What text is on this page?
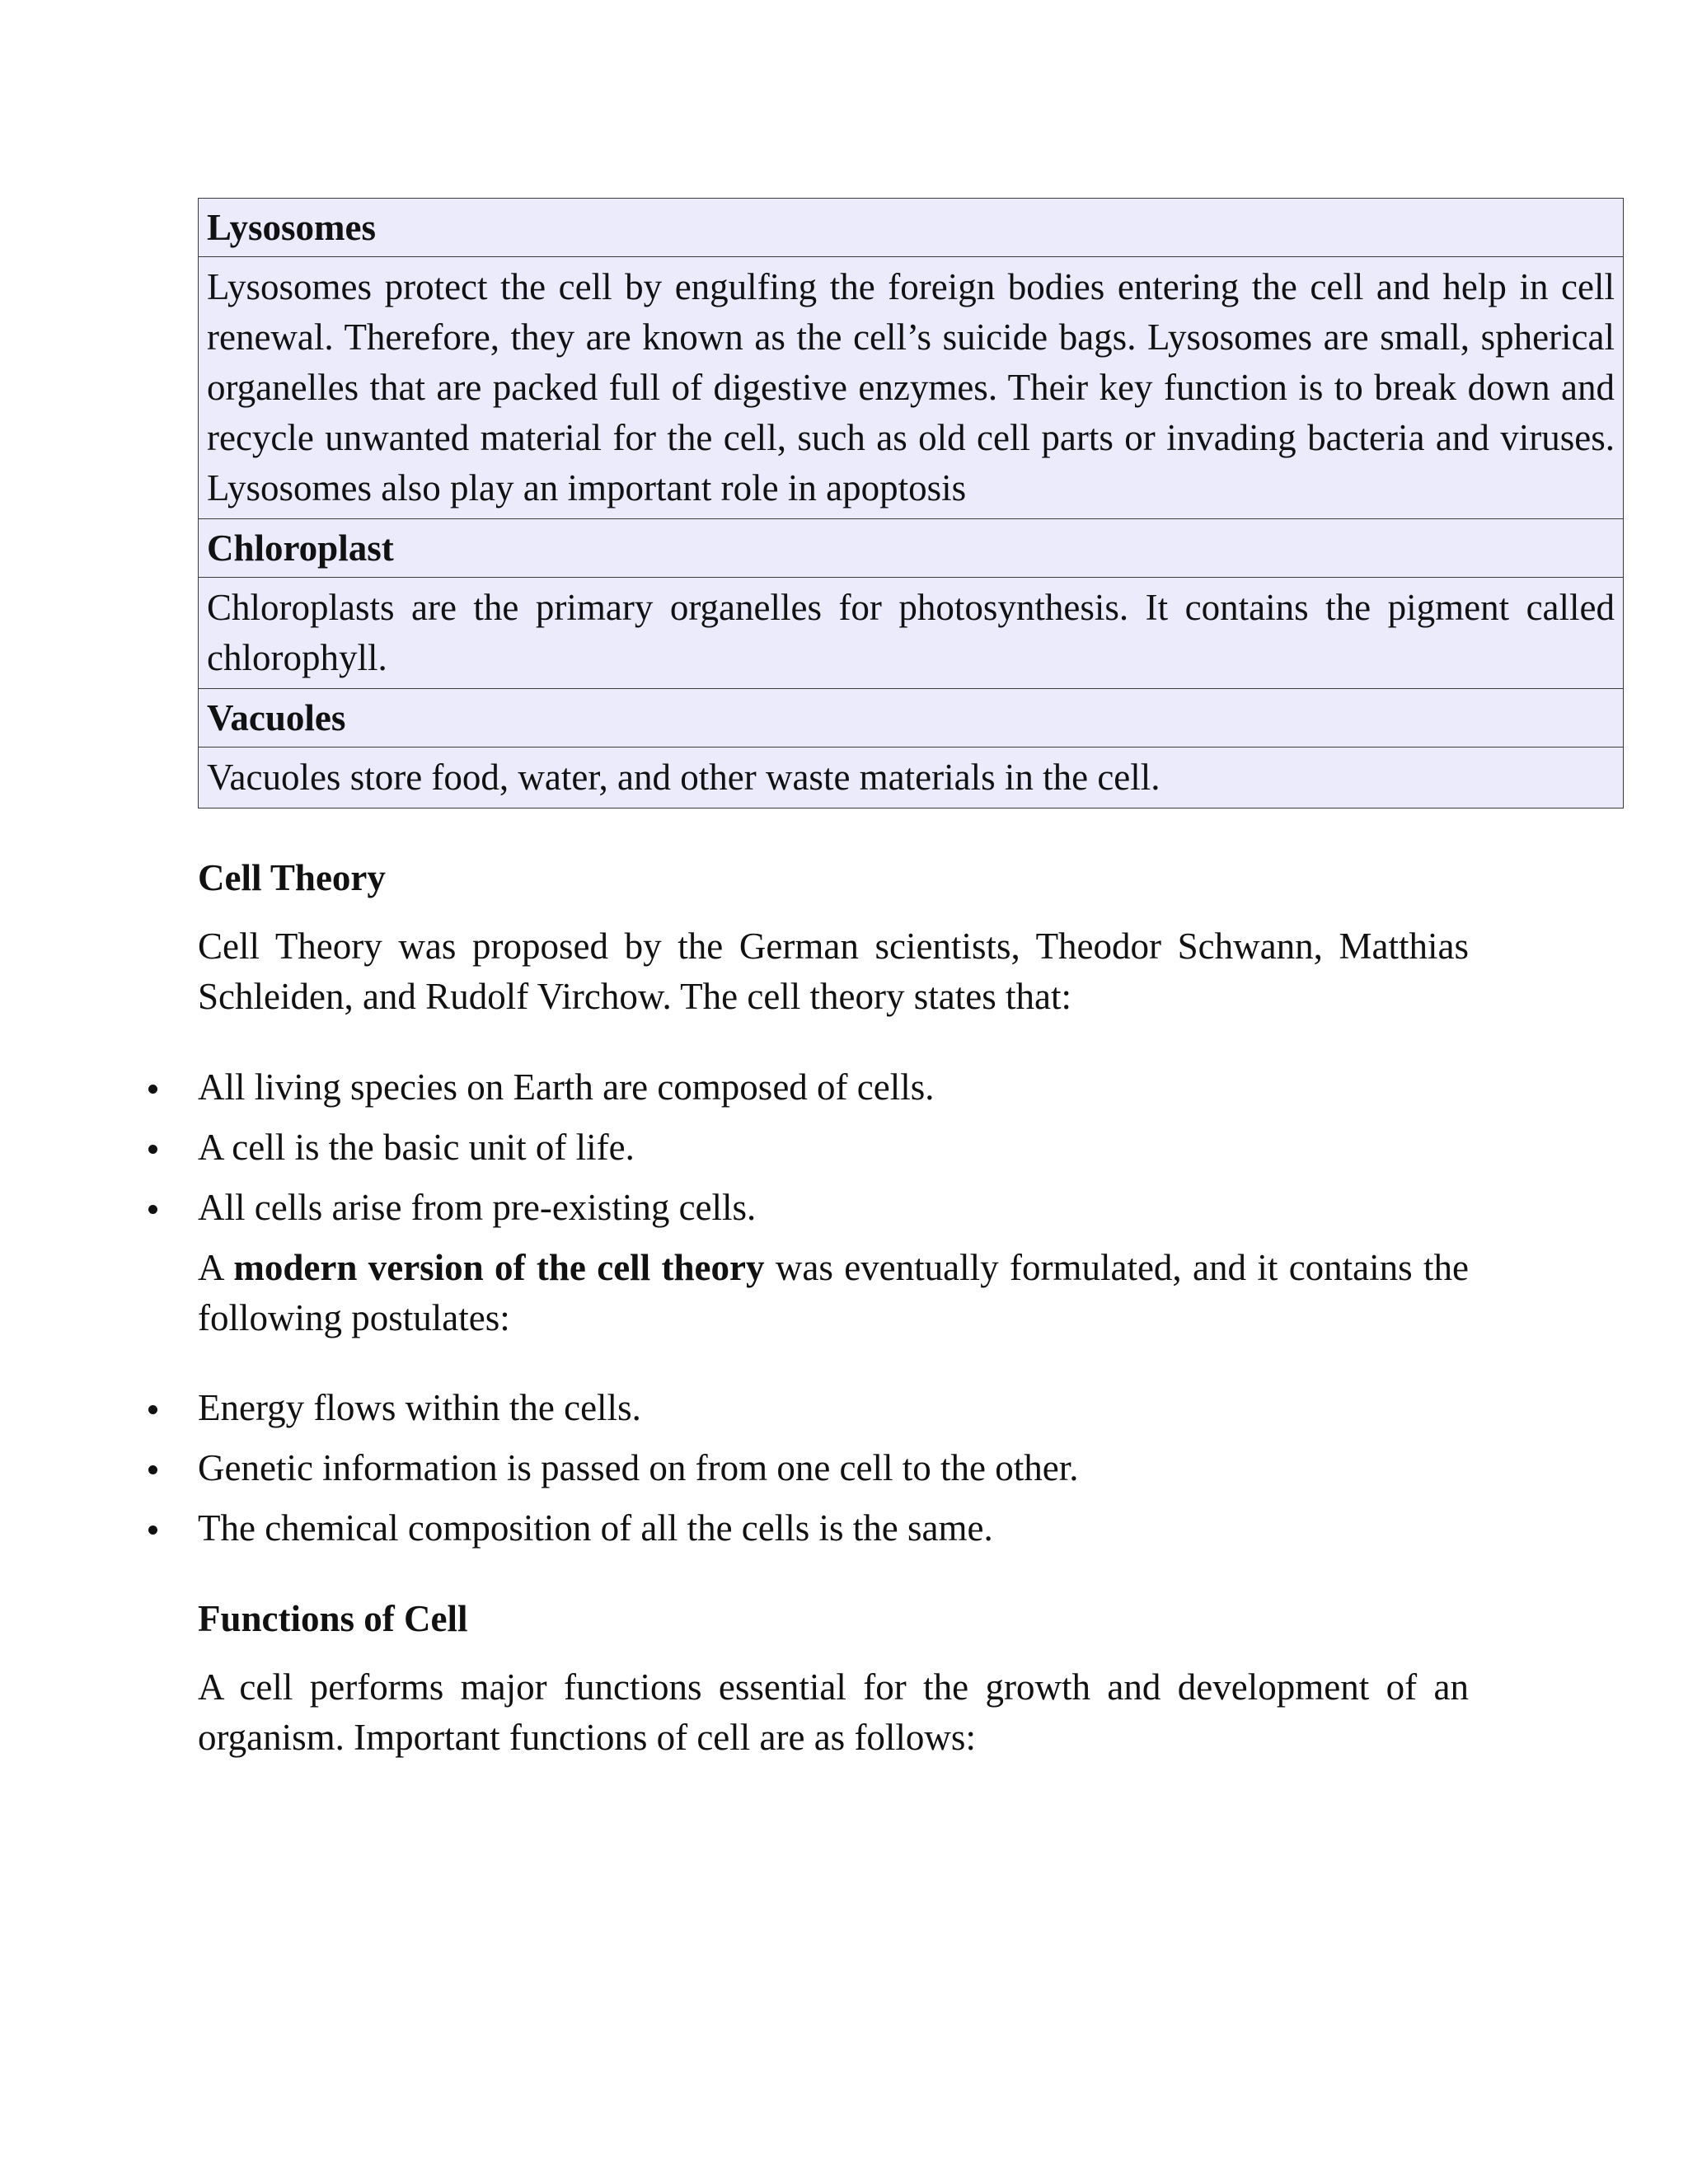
Lysosomes
Lysosomes protect the cell by engulfing the foreign bodies entering the cell and help in cell renewal. Therefore, they are known as the cell’s suicide bags. Lysosomes are small, spherical organelles that are packed full of digestive enzymes. Their key function is to break down and recycle unwanted material for the cell, such as old cell parts or invading bacteria and viruses. Lysosomes also play an important role in apoptosis
Chloroplast
Chloroplasts are the primary organelles for photosynthesis. It contains the pigment called chlorophyll.
Vacuoles
Vacuoles store food, water, and other waste materials in the cell.
Cell Theory

Cell Theory was proposed by the German scientists, Theodor Schwann, Matthias Schleiden, and Rudolf Virchow. The cell theory states that:

All living species on Earth are composed of cells.
A cell is the basic unit of life.
All cells arise from pre-existing cells.

A modern version of the cell theory was eventually formulated, and it contains the following postulates:

Energy flows within the cells.
Genetic information is passed on from one cell to the other.
The chemical composition of all the cells is the same.
Functions of Cell

A cell performs major functions essential for the growth and development of an organism. Important functions of cell are as follows:
